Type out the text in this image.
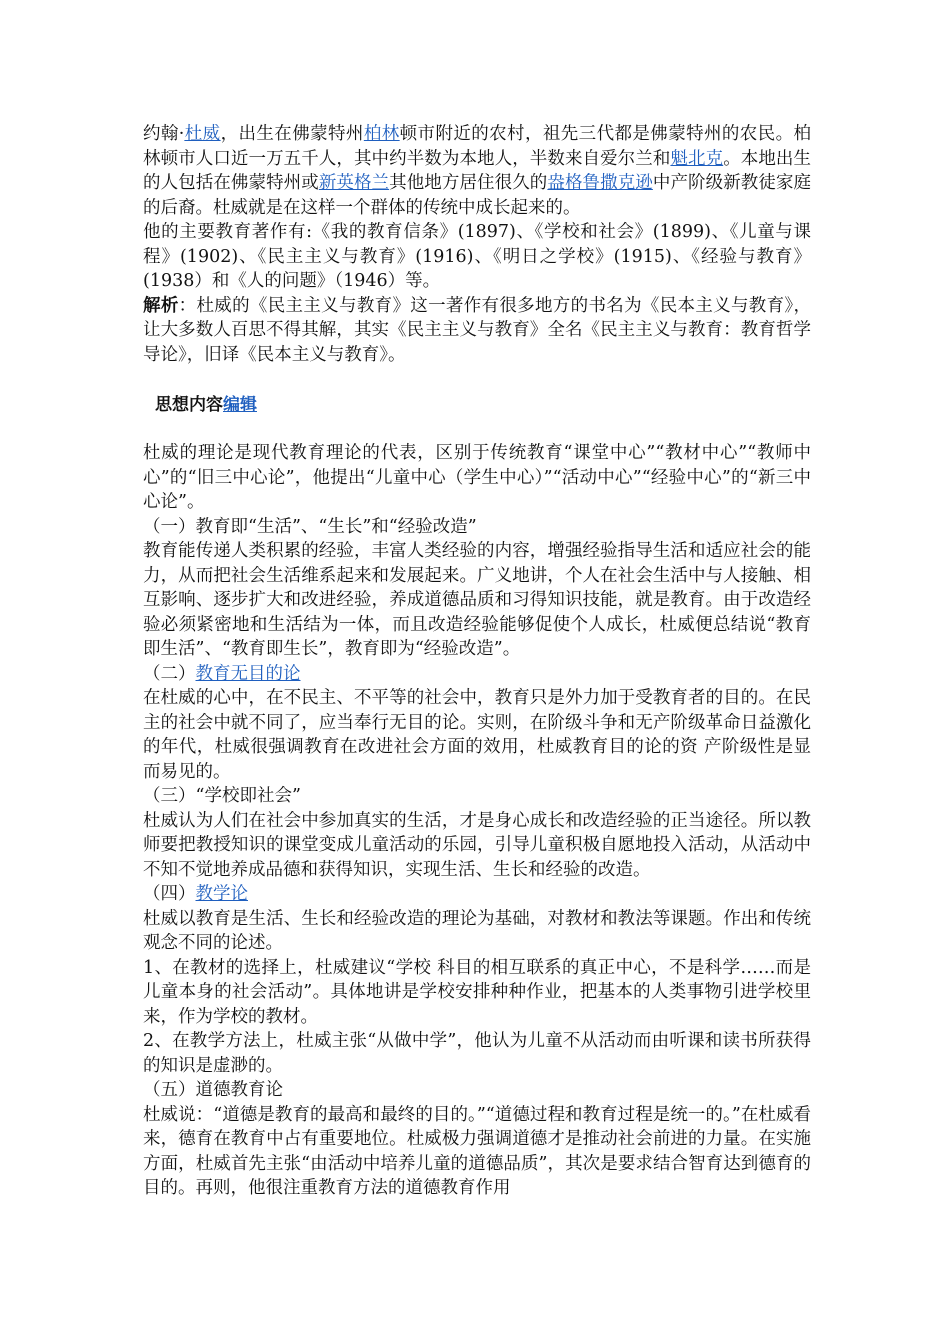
约翰·杜威，出生在佛蒙特州柏林顿市附近的农村，祖先三代都是佛蒙特州的农民。柏林顿市人口近一万五千人，其中约半数为本地人，半数来自爱尔兰和魁北克。本地出生的人包括在佛蒙特州或新英格兰其他地方居住很久的盎格鲁撒克逊中产阶级新教徒家庭的后裔。杜威就是在这样一个群体的传统中成长起来的。

他的主要教育著作有:《我的教育信条》(1897)、《学校和社会》(1899)、《儿童与课程》(1902)、《民主主义与教育》(1916)、《明日之学校》(1915)、《经验与教育》(1938）和《人的问题》（1946）等。

解析：杜威的《民主主义与教育》这一著作有很多地方的书名为《民本主义与教育》，让大多数人百思不得其解，其实《民主主义与教育》全名《民主主义与教育：教育哲学导论》，旧译《民本主义与教育》。

思想内容编辑

杜威的理论是现代教育理论的代表，区别于传统教育“课堂中心”“教材中心”“教师中心”的“旧三中心论”，他提出“儿童中心（学生中心）”“活动中心”“经验中心”的“新三中心论”。

（一）教育即“生活”、“生长”和“经验改造”

教育能传递人类积累的经验，丰富人类经验的内容，增强经验指导生活和适应社会的能力，从而把社会生活维系起来和发展起来。广义地讲，个人在社会生活中与人接触、相互影响、逐步扩大和改进经验，养成道德品质和习得知识技能，就是教育。由于改造经验必须紧密地和生活结为一体，而且改造经验能够促使个人成长，杜威便总结说“教育即生活”、“教育即生长”，教育即为“经验改造”。

（二）教育无目的论

在杜威的心中，在不民主、不平等的社会中，教育只是外力加于受教育者的目的。在民主的社会中就不同了，应当奉行无目的论。实则，在阶级斗争和无产阶级革命日益激化的年代，杜威很强调教育在改进社会方面的效用，杜威教育目的论的资 产阶级性是显而易见的。

（三）“学校即社会”

杜威认为人们在社会中参加真实的生活，才是身心成长和改造经验的正当途径。所以教师要把教授知识的课堂变成儿童活动的乐园，引导儿童积极自愿地投入活动，从活动中不知不觉地养成品德和获得知识，实现生活、生长和经验的改造。

（四）教学论

杜威以教育是生活、生长和经验改造的理论为基础，对教材和教法等课题。作出和传统观念不同的论述。

1、在教材的选择上，杜威建议“学校 科目的相互联系的真正中心，不是科学……而是儿童本身的社会活动”。具体地讲是学校安排种种作业，把基本的人类事物引进学校里来，作为学校的教材。

2、在教学方法上，杜威主张“从做中学”，他认为儿童不从活动而由听课和读书所获得的知识是虚渺的。

（五）道德教育论

杜威说：“道德是教育的最高和最终的目的。”“道德过程和教育过程是统一的。”在杜威看来，德育在教育中占有重要地位。杜威极力强调道德才是推动社会前进的力量。在实施方面，杜威首先主张“由活动中培养儿童的道德品质”，其次是要求结合智育达到德育的目的。再则，他很注重教育方法的道德教育作用
